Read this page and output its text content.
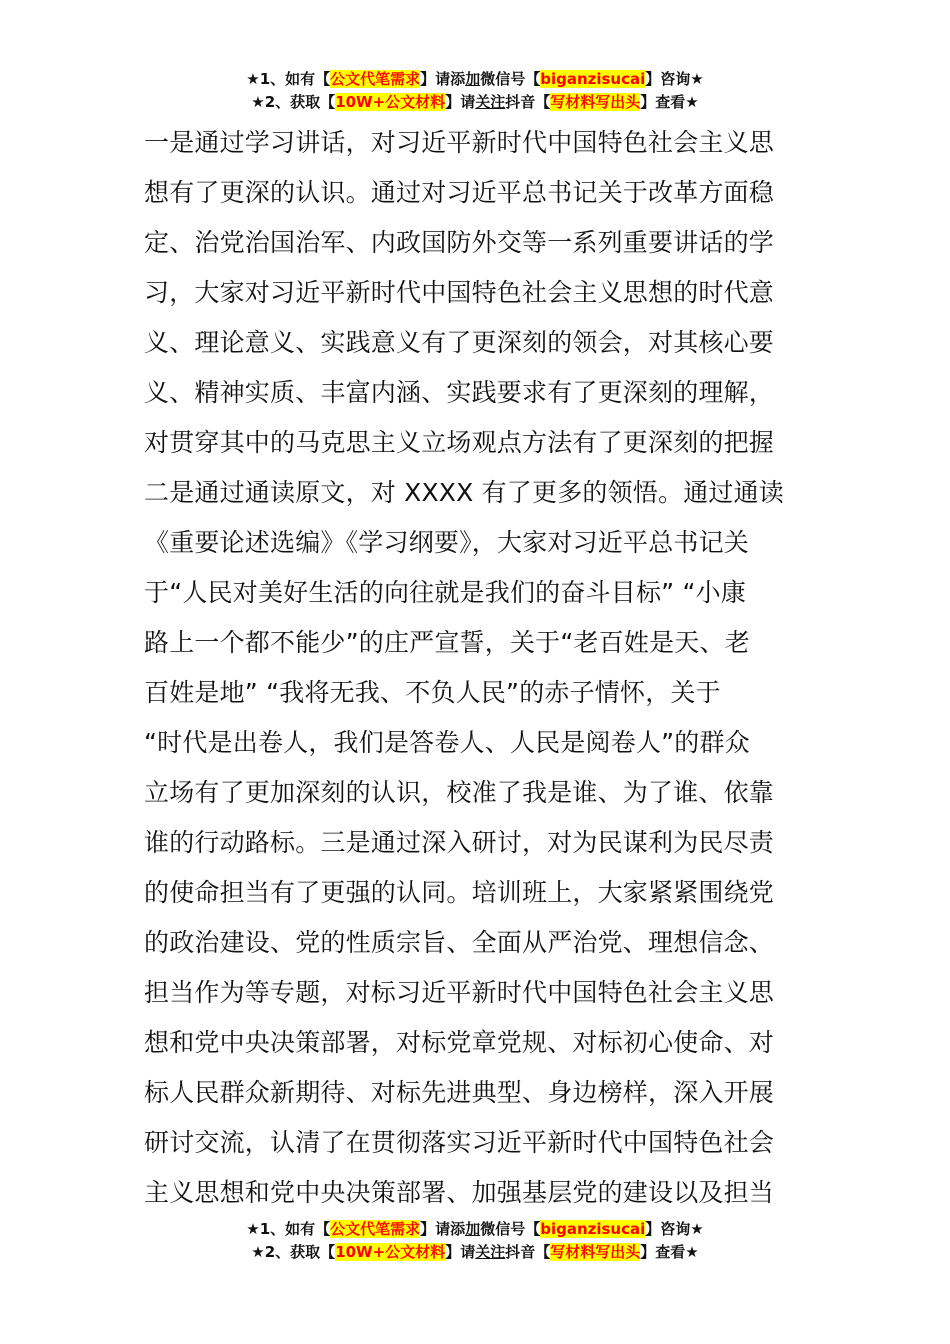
★1、如有【公文代笔需求】请添加微信号【biganzisucai】咨询★
★2、获取【10W+公文材料】请关注抖音【写材料写出头】查看★
一是通过学习讲话，对习近平新时代中国特色社会主义思
想有了更深的认识。通过对习近平总书记关于改革方面稳
定、治党治国治军、内政国防外交等一系列重要讲话的学
习，大家对习近平新时代中国特色社会主义思想的时代意
义、理论意义、实践意义有了更深刻的领会，对其核心要
义、精神实质、丰富内涵、实践要求有了更深刻的理解，
对贯穿其中的马克思主义立场观点方法有了更深刻的把握
二是通过通读原文，对 XXXX 有了更多的领悟。通过通读
《重要论述选编》《学习纲要》，大家对习近平总书记关
于“人民对美好生活的向往就是我们的奋斗目标” “小康
路上一个都不能少”的庄严宣誓，关于“老百姓是天、老
百姓是地” “我将无我、不负人民”的赤子情怀，关于
“时代是出卷人，我们是答卷人、人民是阅卷人”的群众
立场有了更加深刻的认识，校准了我是谁、为了谁、依靠
谁的行动路标。三是通过深入研讨，对为民谋利为民尽责
的使命担当有了更强的认同。培训班上，大家紧紧围绕党
的政治建设、党的性质宗旨、全面从严治党、理想信念、
担当作为等专题，对标习近平新时代中国特色社会主义思
想和党中央决策部署，对标党章党规、对标初心使命、对
标人民群众新期待、对标先进典型、身边榜样，深入开展
研讨交流，认清了在贯彻落实习近平新时代中国特色社会
主义思想和党中央决策部署、加强基层党的建设以及担当
★1、如有【公文代笔需求】请添加微信号【biganzisucai】咨询★
★2、获取【10W+公文材料】请关注抖音【写材料写出头】查看★
